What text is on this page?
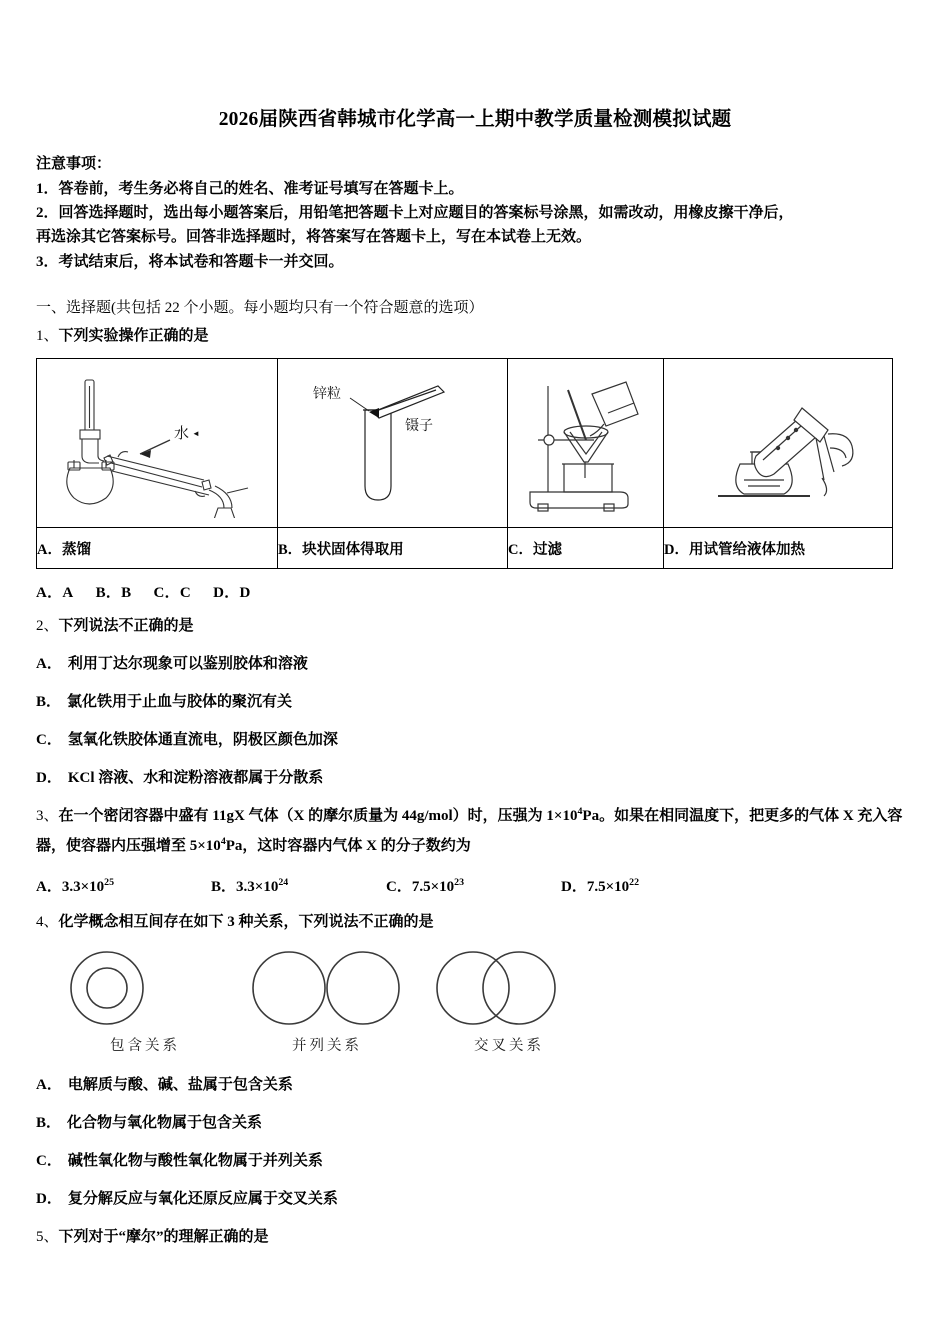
2026届陕西省韩城市化学高一上期中教学质量检测模拟试题
注意事项：
1．答卷前，考生务必将自己的姓名、准考证号填写在答题卡上。
2．回答选择题时，选出每小题答案后，用铅笔把答题卡上对应题目的答案标号涂黑，如需改动，用橡皮擦干净后，
再选涂其它答案标号。回答非选择题时，将答案写在答题卡上，写在本试卷上无效。
3．考试结束后，将本试卷和答题卡一并交回。
一、选择题(共包括 22 个小题。每小题均只有一个符合题意的选项）
1、下列实验操作正确的是
水 ◄	锌粒
镊子

A．蒸馏	B．块状固体得取用	C．过滤	D．用试管给液体加热
A．A B．B C．C D．D
2、下列说法不正确的是
A． 利用丁达尔现象可以鉴别胶体和溶液
B． 氯化铁用于止血与胶体的聚沉有关
C． 氢氧化铁胶体通直流电，阴极区颜色加深
D． KCl 溶液、水和淀粉溶液都属于分散系
3、在一个密闭容器中盛有 11gX 气体（X 的摩尔质量为 44g/mol）时，压强为 $1\times 10^4Pa$。如果在相同温度下，把更多的气体 X 充入容器，使容器内压强增至 $5\times 10^4Pa$，这时容器内气体 X 的分子数约为
A．$3.3\times 10^{25}$	B．$3.3\times 10^{24}$	C．$7.5\times 10^{23}$	D．$7.5\times 10^{22}$
4、化学概念相互间存在如下 3 种关系，下列说法不正确的是
包含关系	并列关系	交叉关系
A． 电解质与酸、碱、盐属于包含关系
B． 化合物与氧化物属于包含关系
C． 碱性氧化物与酸性氧化物属于并列关系
D． 复分解反应与氧化还原反应属于交叉关系
5、下列对于“摩尔”的理解正确的是
